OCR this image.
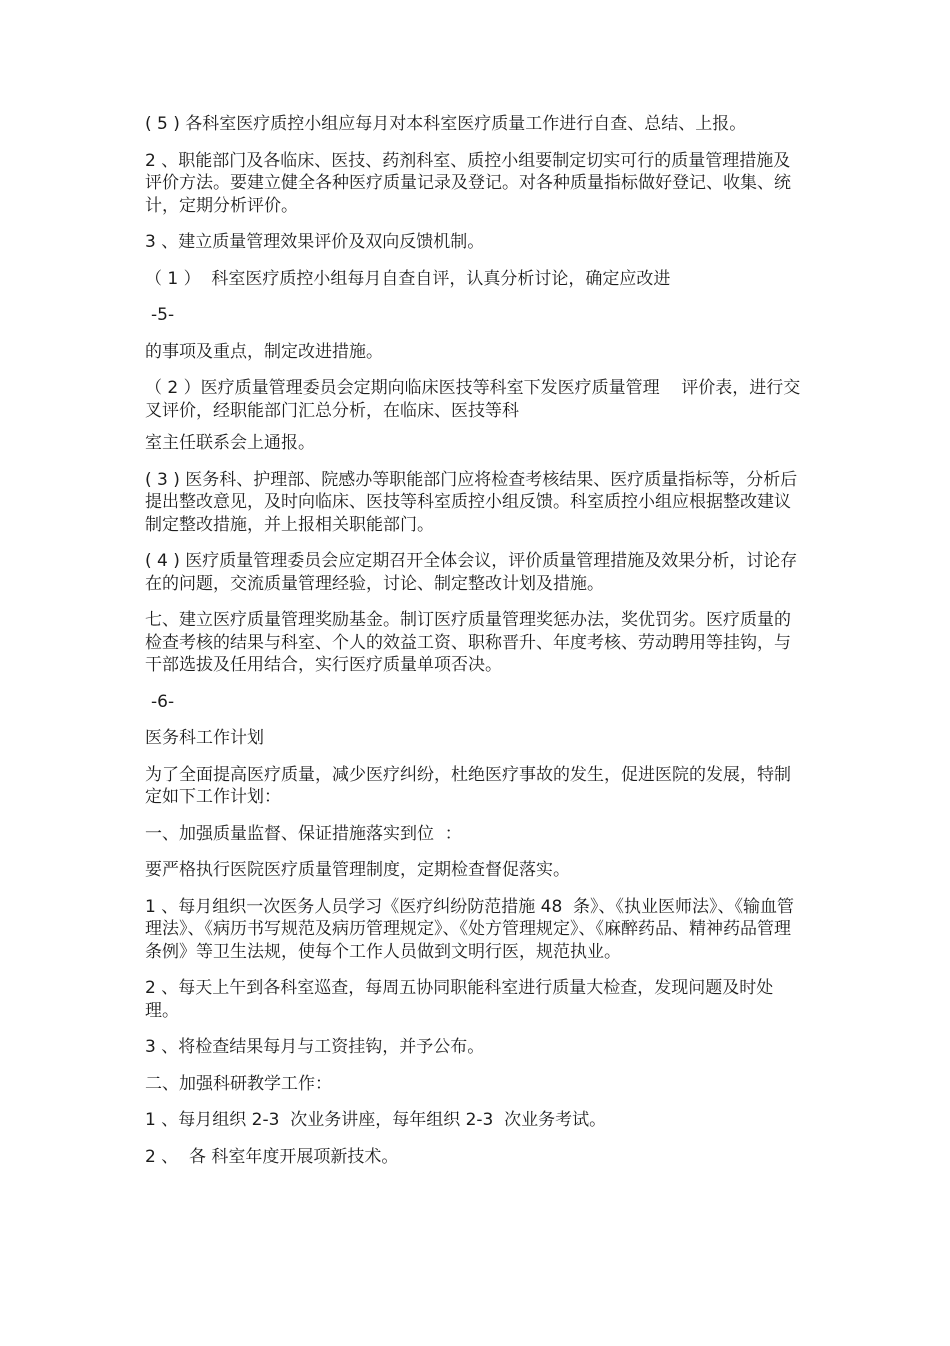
( 5 ) 各科室医疗质控小组应每月对本科室医疗质量工作进行自查、总结、上报。

2 、职能部门及各临床、医技、药剂科室、质控小组要制定切实可行的质量管理措施及评价方法。要建立健全各种医疗质量记录及登记。对各种质量指标做好登记、收集、统计，定期分析评价。

3 、建立质量管理效果评价及双向反馈机制。

（ 1 ）  科室医疗质控小组每月自查自评，认真分析讨论，确定应改进

-5-

的事项及重点，制定改进措施。

（ 2 ）医疗质量管理委员会定期向临床医技等科室下发医疗质量管理    评价表，进行交叉评价，经职能部门汇总分析，在临床、医技等科

室主任联系会上通报。

( 3 ) 医务科、护理部、院感办等职能部门应将检查考核结果、医疗质量指标等，分析后提出整改意见，及时向临床、医技等科室质控小组反馈。科室质控小组应根据整改建议制定整改措施，并上报相关职能部门。

( 4 ) 医疗质量管理委员会应定期召开全体会议，评价质量管理措施及效果分析，讨论存在的问题，交流质量管理经验，讨论、制定整改计划及措施。

七、建立医疗质量管理奖励基金。制订医疗质量管理奖惩办法，奖优罚劣。医疗质量的检查考核的结果与科室、个人的效益工资、职称晋升、年度考核、劳动聘用等挂钩，与干部选拔及任用结合，实行医疗质量单项否决。

-6-

医务科工作计划

为了全面提高医疗质量，减少医疗纠纷，杜绝医疗事故的发生，促进医院的发展，特制定如下工作计划：

一、加强质量监督、保证措施落实到位  ：

要严格执行医院医疗质量管理制度，定期检查督促落实。

1 、每月组织一次医务人员学习《医疗纠纷防范措施 48  条》、《执业医师法》、《输血管理法》、《病历书写规范及病历管理规定》、《处方管理规定》、《麻醉药品、精神药品管理条例》等卫生法规，使每个工作人员做到文明行医，规范执业。

2 、每天上午到各科室巡查，每周五协同职能科室进行质量大检查，发现问题及时处理。

3 、将检查结果每月与工资挂钩，并予公布。

二、加强科研教学工作：

1 、每月组织 2-3  次业务讲座，每年组织 2-3  次业务考试。

2 、  各 科室年度开展项新技术。
